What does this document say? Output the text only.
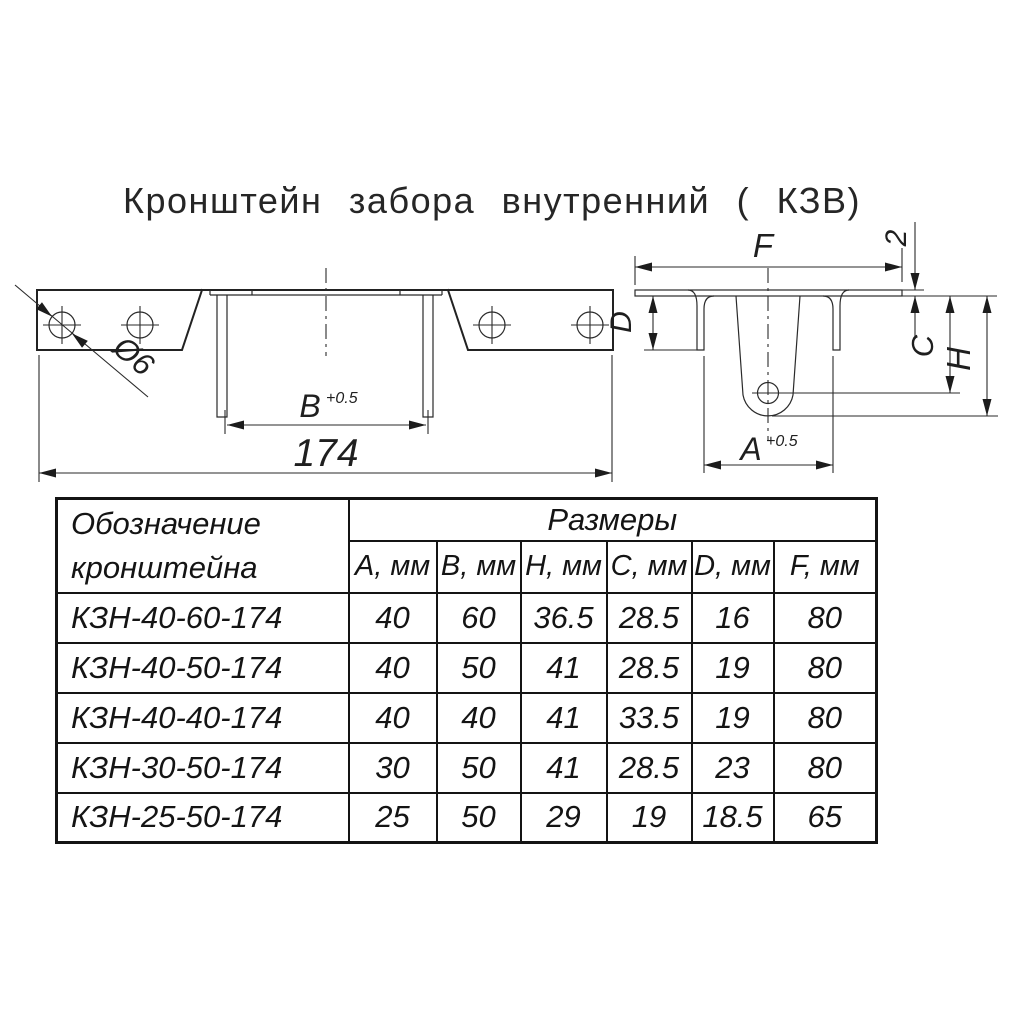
Кронштейн забора внутренний ( КЗВ)
Ø6
B +0.5
174
F	2
D
C
H
A +0.5
Обозначение
кронштейна	Размеры					
	A, мм	B, мм	H, мм	C, мм	D, мм	F, мм
КЗН-40-60-174	40	60	36.5	28.5	16	80
КЗН-40-50-174	40	50	41	28.5	19	80
КЗН-40-40-174	40	40	41	33.5	19	80
КЗН-30-50-174	30	50	41	28.5	23	80
КЗН-25-50-174	25	50	29	19	18.5	65
